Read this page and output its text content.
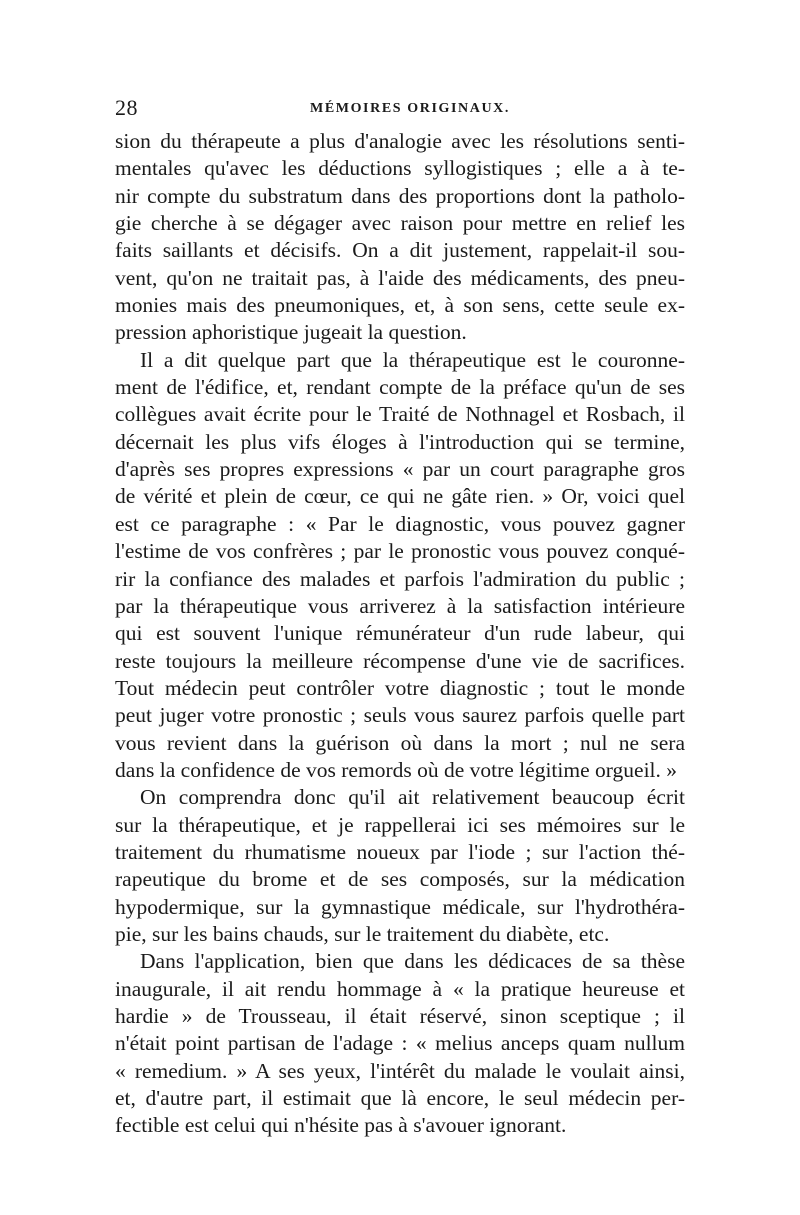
28	MÉMOIRES ORIGINAUX.
sion du thérapeute a plus d'analogie avec les résolutions senti-
mentales qu'avec les déductions syllogistiques ; elle a à te-
nir compte du substratum dans des proportions dont la patholo-
gie cherche à se dégager avec raison pour mettre en relief les
faits saillants et décisifs. On a dit justement, rappelait-il sou-
vent, qu'on ne traitait pas, à l'aide des médicaments, des pneu-
monies mais des pneumoniques, et, à son sens, cette seule ex-
pression aphoristique jugeait la question.
Il a dit quelque part que la thérapeutique est le couronne-
ment de l'édifice, et, rendant compte de la préface qu'un de ses
collègues avait écrite pour le Traité de Nothnagel et Rosbach, il
décernait les plus vifs éloges à l'introduction qui se termine,
d'après ses propres expressions « par un court paragraphe gros
de vérité et plein de cœur, ce qui ne gâte rien. » Or, voici quel
est ce paragraphe : « Par le diagnostic, vous pouvez gagner
l'estime de vos confrères ; par le pronostic vous pouvez conqué-
rir la confiance des malades et parfois l'admiration du public ;
par la thérapeutique vous arriverez à la satisfaction intérieure
qui est souvent l'unique rémunérateur d'un rude labeur, qui
reste toujours la meilleure récompense d'une vie de sacrifices.
Tout médecin peut contrôler votre diagnostic ; tout le monde
peut juger votre pronostic ; seuls vous saurez parfois quelle part
vous revient dans la guérison où dans la mort ; nul ne sera
dans la confidence de vos remords où de votre légitime orgueil. »
On comprendra donc qu'il ait relativement beaucoup écrit
sur la thérapeutique, et je rappellerai ici ses mémoires sur le
traitement du rhumatisme noueux par l'iode ; sur l'action thé-
rapeutique du brome et de ses composés, sur la médication
hypodermique, sur la gymnastique médicale, sur l'hydrothéra-
pie, sur les bains chauds, sur le traitement du diabète, etc.
Dans l'application, bien que dans les dédicaces de sa thèse
inaugurale, il ait rendu hommage à « la pratique heureuse et
hardie » de Trousseau, il était réservé, sinon sceptique ; il
n'était point partisan de l'adage : « melius anceps quam nullum
« remedium. » A ses yeux, l'intérêt du malade le voulait ainsi,
et, d'autre part, il estimait que là encore, le seul médecin per-
fectible est celui qui n'hésite pas à s'avouer ignorant.
